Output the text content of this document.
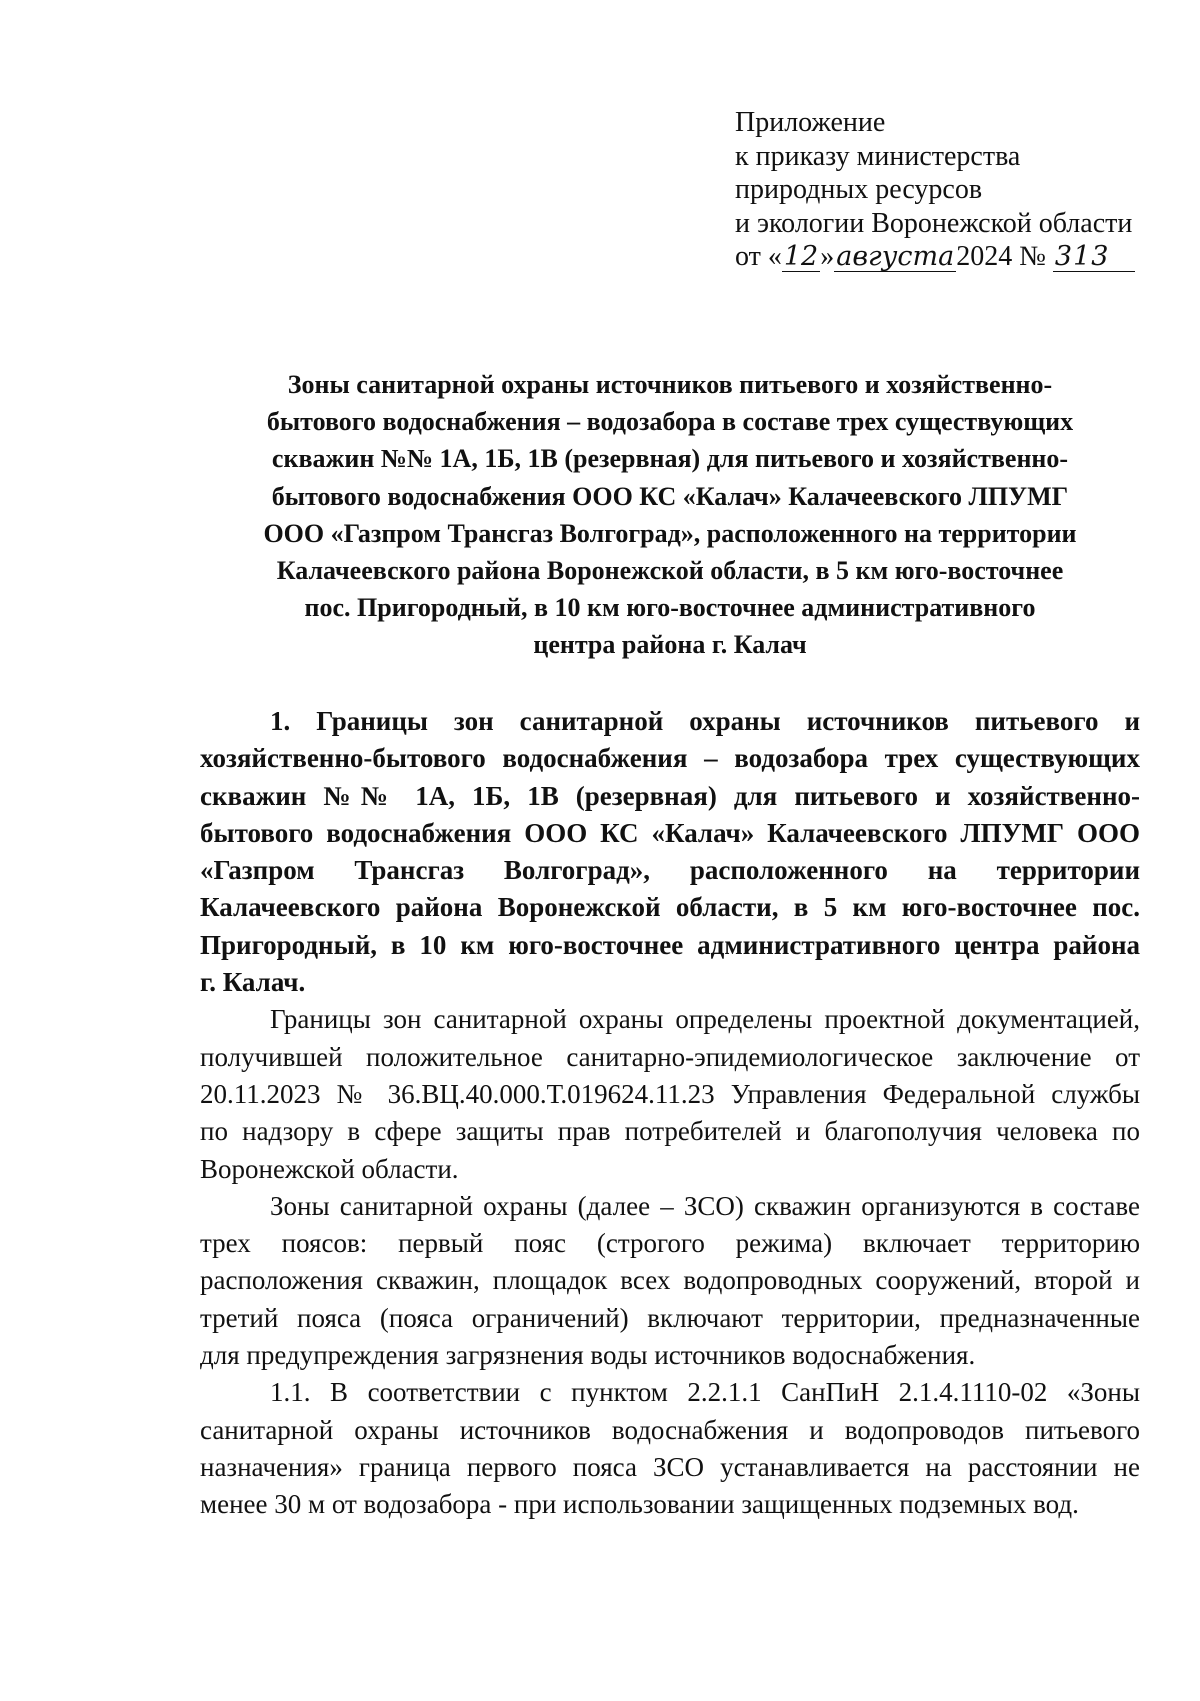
Приложение
к приказу министерства
природных ресурсов
и экологии Воронежской области
от «12»августа2024 № 313
Зоны санитарной охраны источников питьевого и хозяйственно-
бытового водоснабжения – водозабора в составе трех существующих
скважин №№ 1А, 1Б, 1В (резервная) для питьевого и хозяйственно-
бытового водоснабжения ООО КС «Калач» Калачеевского ЛПУМГ
ООО «Газпром Трансгаз Волгоград», расположенного на территории
Калачеевского района Воронежской области, в 5 км юго-восточнее
пос. Пригородный, в 10 км юго-восточнее административного
центра района г. Калач
1. Границы зон санитарной охраны источников питьевого и
хозяйственно-бытового водоснабжения – водозабора трех существующих
скважин №№ 1А, 1Б, 1В (резервная) для питьевого и хозяйственно-
бытового водоснабжения ООО КС «Калач» Калачеевского ЛПУМГ ООО
«Газпром Трансгаз Волгоград», расположенного на территории
Калачеевского района Воронежской области, в 5 км юго-восточнее пос.
Пригородный, в 10 км юго-восточнее административного центра района
г. Калач.
Границы зон санитарной охраны определены проектной документацией,
получившей положительное санитарно-эпидемиологическое заключение от
20.11.2023 № 36.ВЦ.40.000.Т.019624.11.23 Управления Федеральной службы
по надзору в сфере защиты прав потребителей и благополучия человека по
Воронежской области.
Зоны санитарной охраны (далее – ЗСО) скважин организуются в составе
трех поясов: первый пояс (строгого режима) включает территорию
расположения скважин, площадок всех водопроводных сооружений, второй и
третий пояса (пояса ограничений) включают территории, предназначенные
для предупреждения загрязнения воды источников водоснабжения.
1.1. В соответствии с пунктом 2.2.1.1 СанПиН 2.1.4.1110-02 «Зоны
санитарной охраны источников водоснабжения и водопроводов питьевого
назначения» граница первого пояса ЗСО устанавливается на расстоянии не
менее 30 м от водозабора - при использовании защищенных подземных вод.
